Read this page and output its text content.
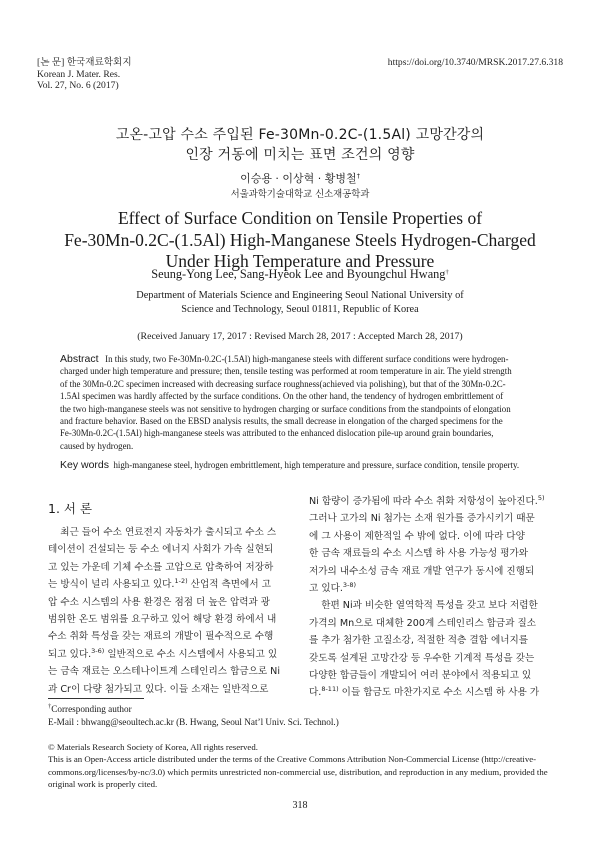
[논 문] 한국재료학회지
Korean J. Mater. Res.
Vol. 27, No. 6 (2017)
https://doi.org/10.3740/MRSK.2017.27.6.318
고온-고압 수소 주입된 Fe-30Mn-0.2C-(1.5Al) 고망간강의
인장 거동에 미치는 표면 조건의 영향
이승용 · 이상혁 · 황병철†
서울과학기술대학교 신소재공학과
Effect of Surface Condition on Tensile Properties of
Fe-30Mn-0.2C-(1.5Al) High-Manganese Steels Hydrogen-Charged
Under High Temperature and Pressure
Seung-Yong Lee, Sang-Hyeok Lee and Byoungchul Hwang†
Department of Materials Science and Engineering Seoul National University of
Science and Technology, Seoul 01811, Republic of Korea
(Received January 17, 2017 : Revised March 28, 2017 : Accepted March 28, 2017)
Abstract In this study, two Fe-30Mn-0.2C-(1.5Al) high-manganese steels with different surface conditions were hydrogen-
charged under high temperature and pressure; then, tensile testing was performed at room temperature in air. The yield strength
of the 30Mn-0.2C specimen increased with decreasing surface roughness(achieved via polishing), but that of the 30Mn-0.2C-
1.5Al specimen was hardly affected by the surface conditions. On the other hand, the tendency of hydrogen embrittlement of
the two high-manganese steels was not sensitive to hydrogen charging or surface conditions from the standpoints of elongation
and fracture behavior. Based on the EBSD analysis results, the small decrease in elongation of the charged specimens for the
Fe-30Mn-0.2C-(1.5Al) high-manganese steels was attributed to the enhanced dislocation pile-up around grain boundaries,
caused by hydrogen.
Key words high-manganese steel, hydrogen embrittlement, high temperature and pressure, surface condition, tensile property.
1. 서 론

최근 들어 수소 연료전지 자동차가 출시되고 수소 스

테이션이 건설되는 등 수소 에너지 사회가 가속 실현되

고 있는 가운데 기체 수소를 고압으로 압축하여 저장하

는 방식이 널리 사용되고 있다.$^{1-2)}$ 산업적 측면에서 고

압 수소 시스템의 사용 환경은 점점 더 높은 압력과 광

범위한 온도 범위를 요구하고 있어 해당 환경 하에서 내

수소 취화 특성을 갖는 재료의 개발이 필수적으로 수행

되고 있다.$^{3-6)}$ 일반적으로 수소 시스템에서 사용되고 있

는 금속 재료는 오스테나이트계 스테인리스 합금으로 Ni

과 Cr이 다량 첨가되고 있다. 이들 소재는 일반적으로

Ni 함량이 증가됨에 따라 수소 취화 저항성이 높아진다.$^{5)}$

그러나 고가의 Ni 첨가는 소재 원가를 증가시키기 때문

에 그 사용이 제한적일 수 밖에 없다. 이에 따라 다양

한 금속 재료들의 수소 시스템 하 사용 가능성 평가와

저가의 내수소성 금속 재료 개발 연구가 동시에 진행되

고 있다.$^{3-8)}$

한편 Ni과 비슷한 열역학적 특성을 갖고 보다 저렴한

가격의 Mn으로 대체한 200계 스테인리스 합금과 질소

를 추가 첨가한 고질소강, 적절한 적층 결함 에너지를

갖도록 설계된 고망간강 등 우수한 기계적 특성을 갖는

다양한 합금들이 개발되어 여러 분야에서 적용되고 있

다.$^{8-11)}$ 이들 합금도 마찬가지로 수소 시스템 하 사용 가

†Corresponding author
E-Mail : bhwang@seoultech.ac.kr (B. Hwang, Seoul Nat’l Univ. Sci. Technol.)
© Materials Research Society of Korea, All rights reserved.
This is an Open-Access article distributed under the terms of the Creative Commons Attribution Non-Commercial License (http://creative-
commons.org/licenses/by-nc/3.0) which permits unrestricted non-commercial use, distribution, and reproduction in any medium, provided the
original work is properly cited.
318
